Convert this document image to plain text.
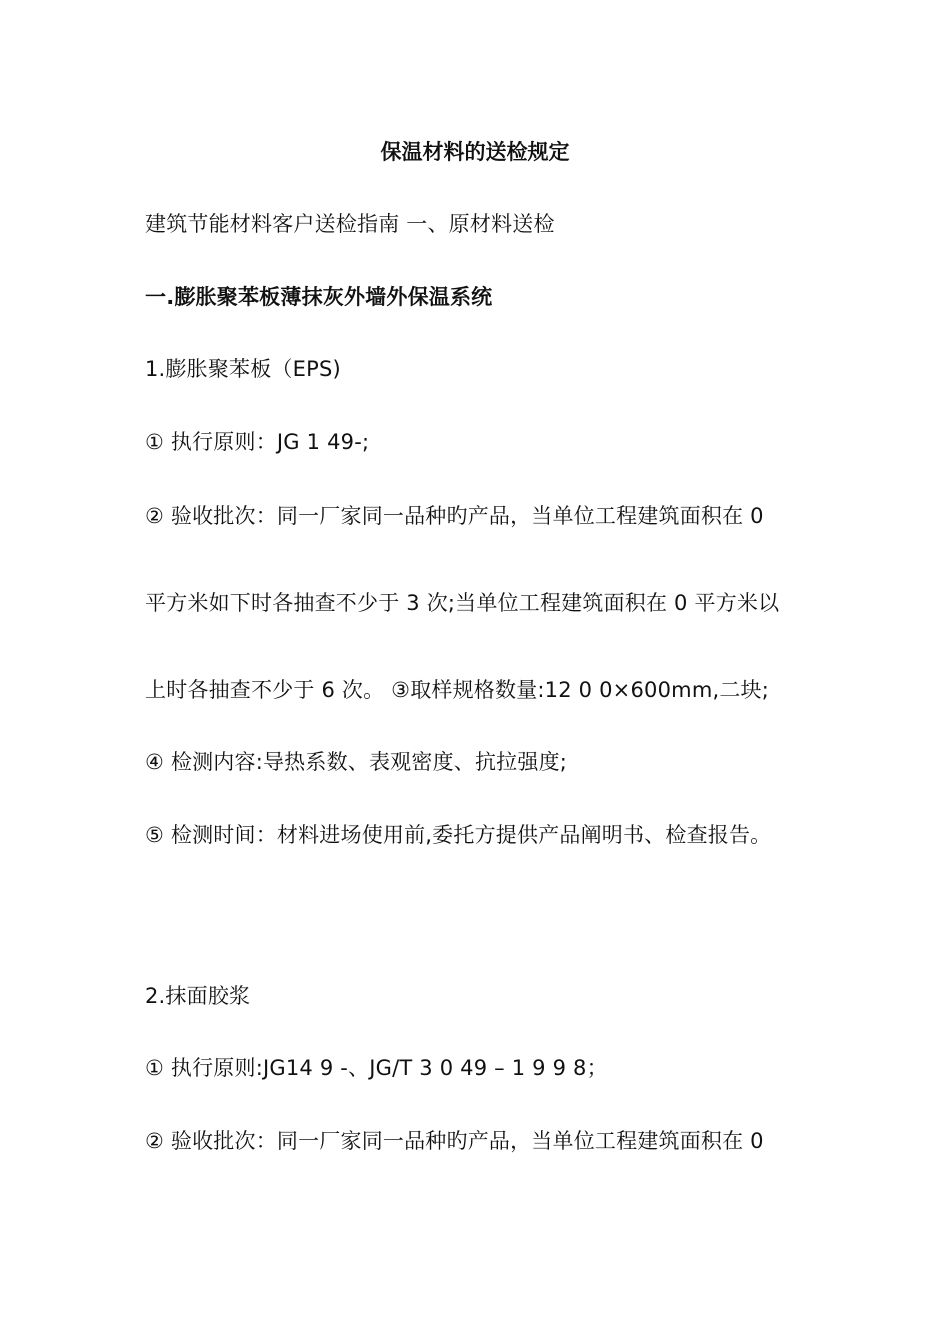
保温材料的送检规定
建筑节能材料客户送检指南 一、原材料送检
一.膨胀聚苯板薄抹灰外墙外保温系统
1.膨胀聚苯板（EPS)
① 执行原则：JG 1 49-;
② 验收批次：同一厂家同一品种旳产品，当单位工程建筑面积在 0
平方米如下时各抽查不少于 3 次;当单位工程建筑面积在 0 平方米以
上时各抽查不少于 6 次。 ③取样规格数量:12 0 0×600mm,二块;
④ 检测内容:导热系数、表观密度、抗拉强度;
⑤ 检测时间：材料进场使用前,委托方提供产品阐明书、检查报告。
2.抹面胶浆
① 执行原则:JG14 9 -、JG/T 3 0 49 – 1 9 9 8；
② 验收批次：同一厂家同一品种旳产品，当单位工程建筑面积在 0
